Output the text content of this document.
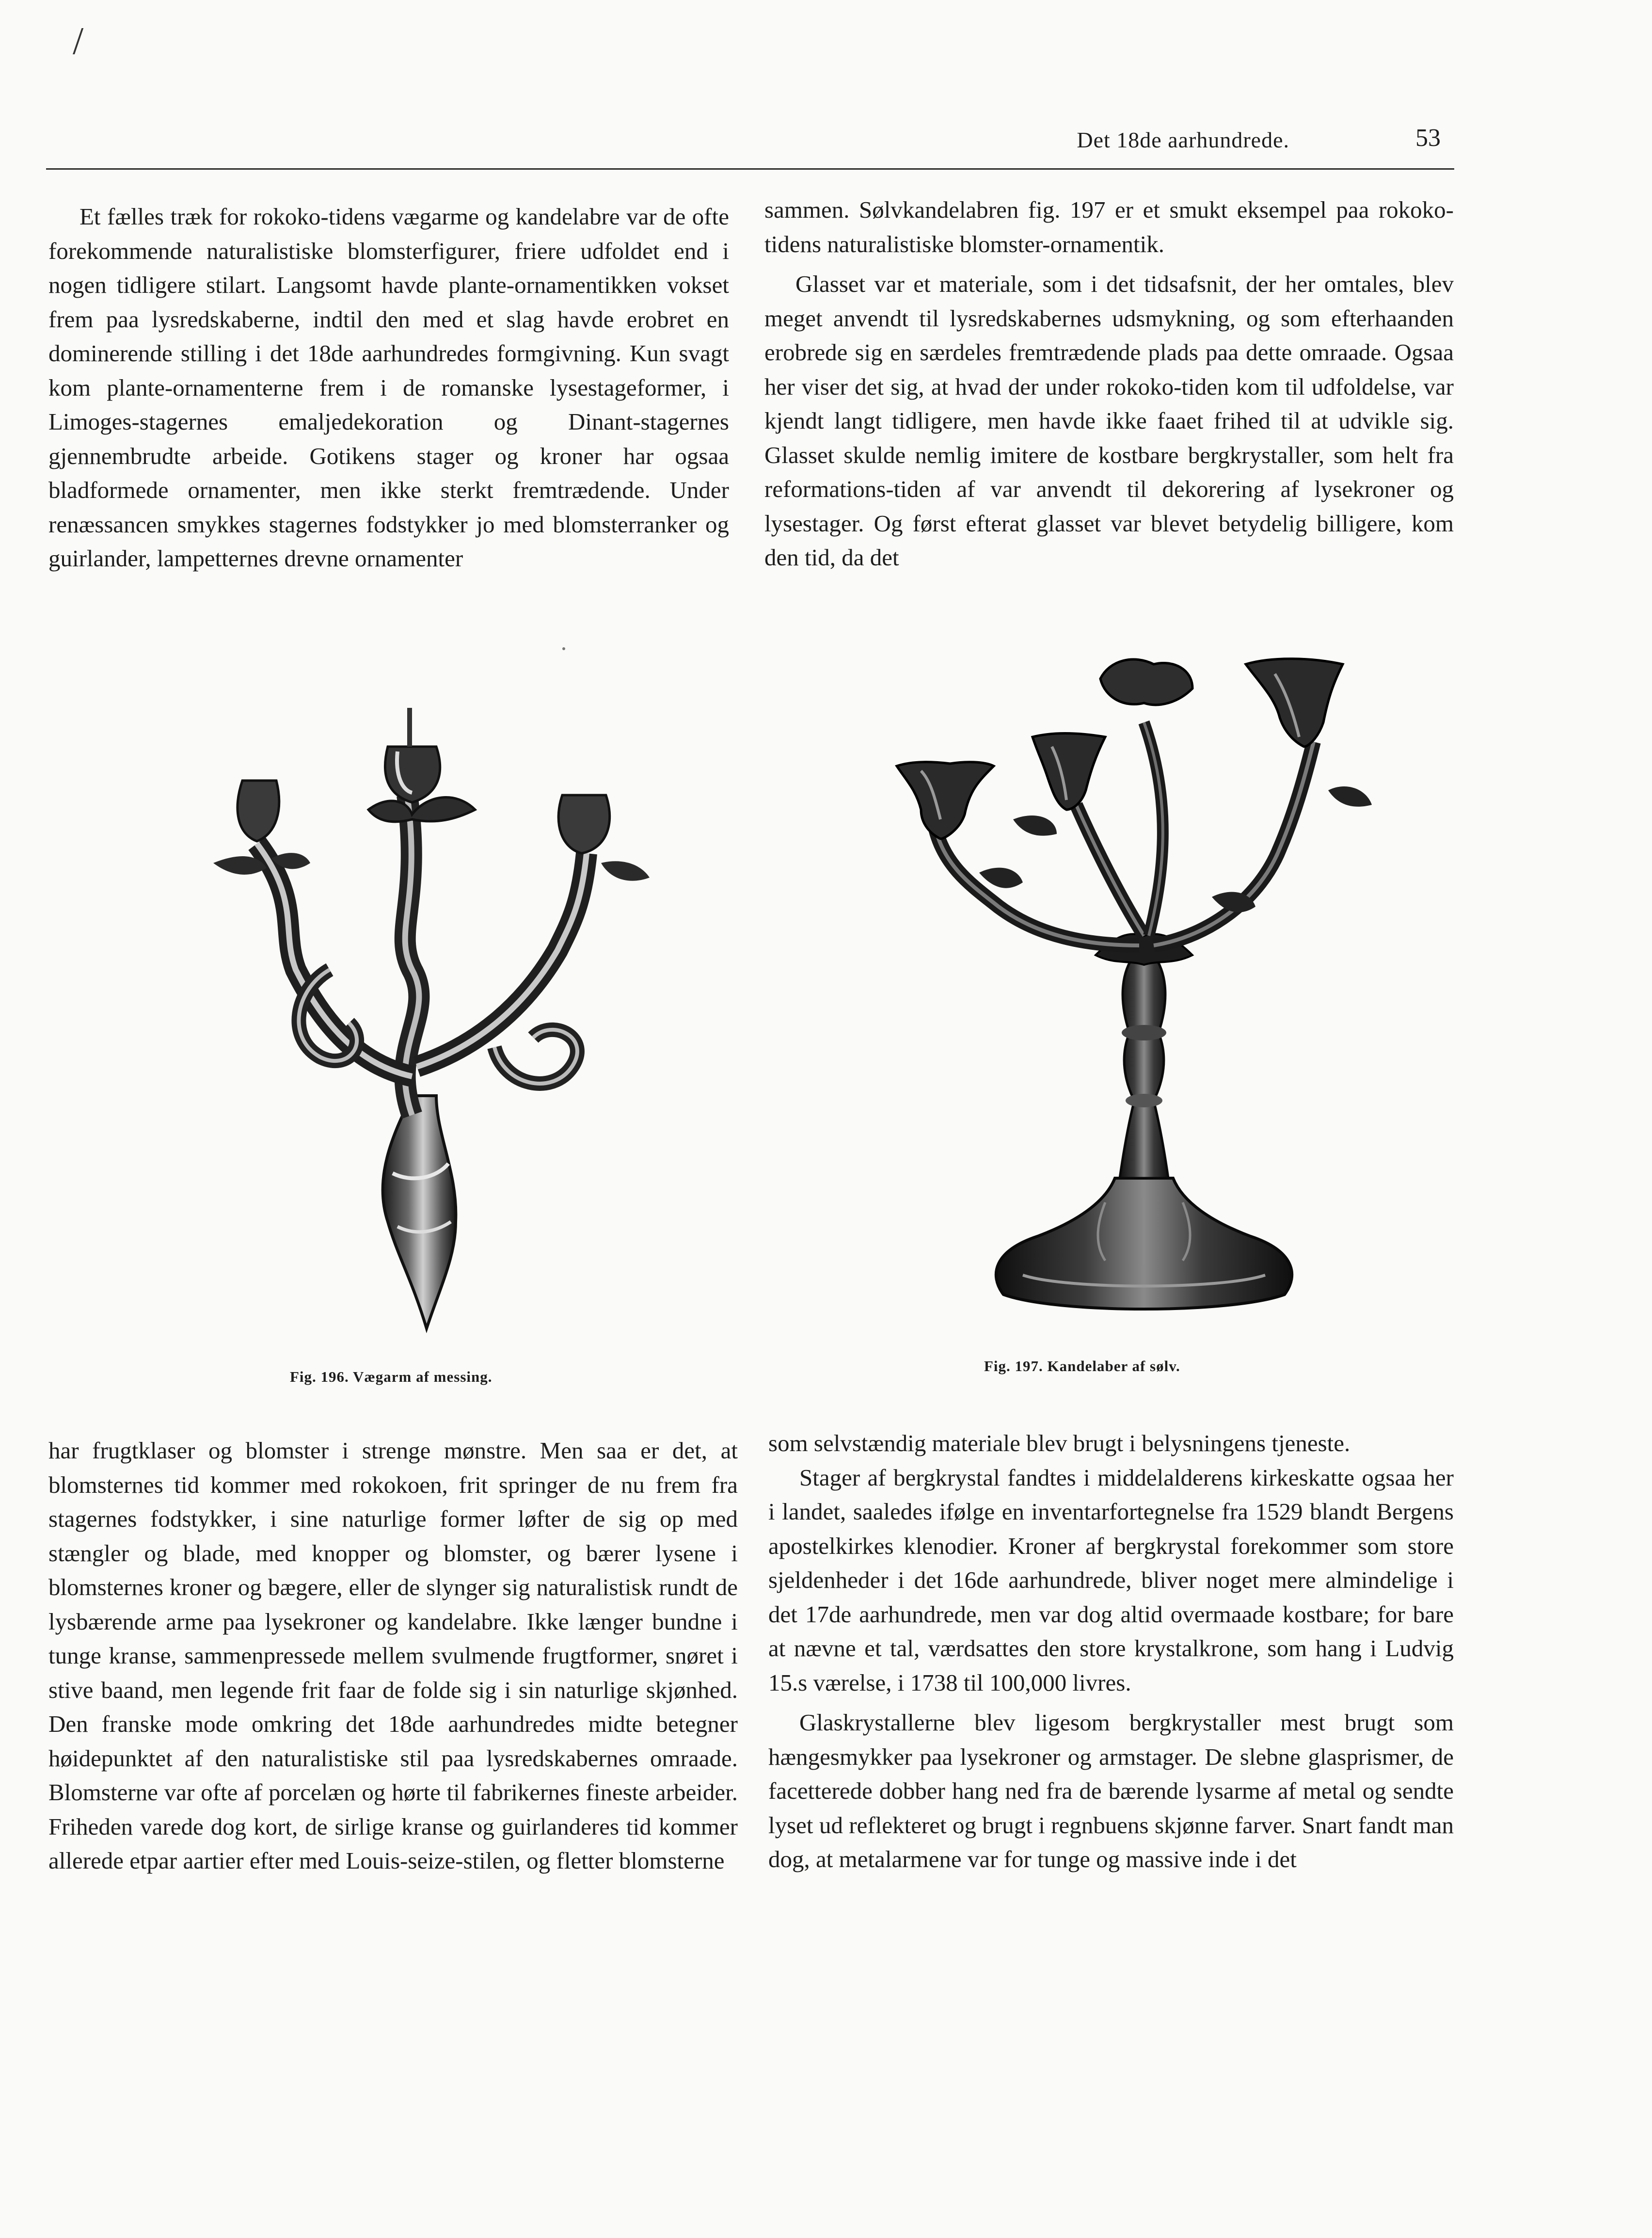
/
Det 18de aarhundrede.	53

Et fælles træk for rokoko-tidens vægarme og kandelabre var de ofte forekommende naturalistiske blomsterfigurer, friere udfoldet end i nogen tidligere stilart. Langsomt havde plante-ornamentikken vokset frem paa lysredskaberne, indtil den med et slag havde erobret en dominerende stilling i det 18de aarhundredes formgivning. Kun svagt kom plante-ornamenterne frem i de romanske lysestageformer, i Limoges-stagernes emaljedekoration og Dinant-stagernes gjennembrudte arbeide. Gotikens stager og kroner har ogsaa bladformede ornamenter, men ikke sterkt fremtrædende. Under renæssancen smykkes stagernes fodstykker jo med blomsterranker og guirlander, lampetternes drevne ornamenter

sammen. Sølvkandelabren fig. 197 er et smukt eksempel paa rokoko-tidens naturalistiske blomster-ornamentik.

Glasset var et materiale, som i det tidsafsnit, der her omtales, blev meget anvendt til lysredskabernes udsmykning, og som efterhaanden erobrede sig en særdeles fremtrædende plads paa dette omraade. Ogsaa her viser det sig, at hvad der under rokoko-tiden kom til udfoldelse, var kjendt langt tidligere, men havde ikke faaet frihed til at udvikle sig. Glasset skulde nemlig imitere de kostbare bergkrystaller, som helt fra reformations-tiden af var anvendt til dekorering af lysekroner og lysestager. Og først efterat glasset var blevet betydelig billigere, kom den tid, da det

Fig. 196. Vægarm af messing.
Fig. 197. Kandelaber af sølv.

har frugtklaser og blomster i strenge mønstre. Men saa er det, at blomsternes tid kommer med rokokoen, frit springer de nu frem fra stagernes fodstykker, i sine naturlige former løfter de sig op med stængler og blade, med knopper og blomster, og bærer lysene i blomsternes kroner og bægere, eller de slynger sig naturalistisk rundt de lysbærende arme paa lysekroner og kandelabre. Ikke længer bundne i tunge kranse, sammenpressede mellem svulmende frugtformer, snøret i stive baand, men legende frit faar de folde sig i sin naturlige skjønhed. Den franske mode omkring det 18de aarhundredes midte betegner høidepunktet af den naturalistiske stil paa lysredskabernes omraade. Blomsterne var ofte af porcelæn og hørte til fabrikernes fineste arbeider. Friheden varede dog kort, de sirlige kranse og guirlanderes tid kommer allerede etpar aartier efter med Louis-seize-stilen, og fletter blomsterne

som selvstændig materiale blev brugt i belysningens tjeneste.

Stager af bergkrystal fandtes i middelalderens kirkeskatte ogsaa her i landet, saaledes ifølge en inventarfortegnelse fra 1529 blandt Bergens apostelkirkes klenodier. Kroner af bergkrystal forekommer som store sjeldenheder i det 16de aarhundrede, bliver noget mere almindelige i det 17de aarhundrede, men var dog altid overmaade kostbare; for bare at nævne et tal, værdsattes den store krystalkrone, som hang i Ludvig 15.s værelse, i 1738 til 100,000 livres.

Glaskrystallerne blev ligesom bergkrystaller mest brugt som hængesmykker paa lysekroner og armstager. De slebne glasprismer, de facetterede dobber hang ned fra de bærende lysarme af metal og sendte lyset ud reflekteret og brugt i regnbuens skjønne farver. Snart fandt man dog, at metalarmene var for tunge og massive inde i det
